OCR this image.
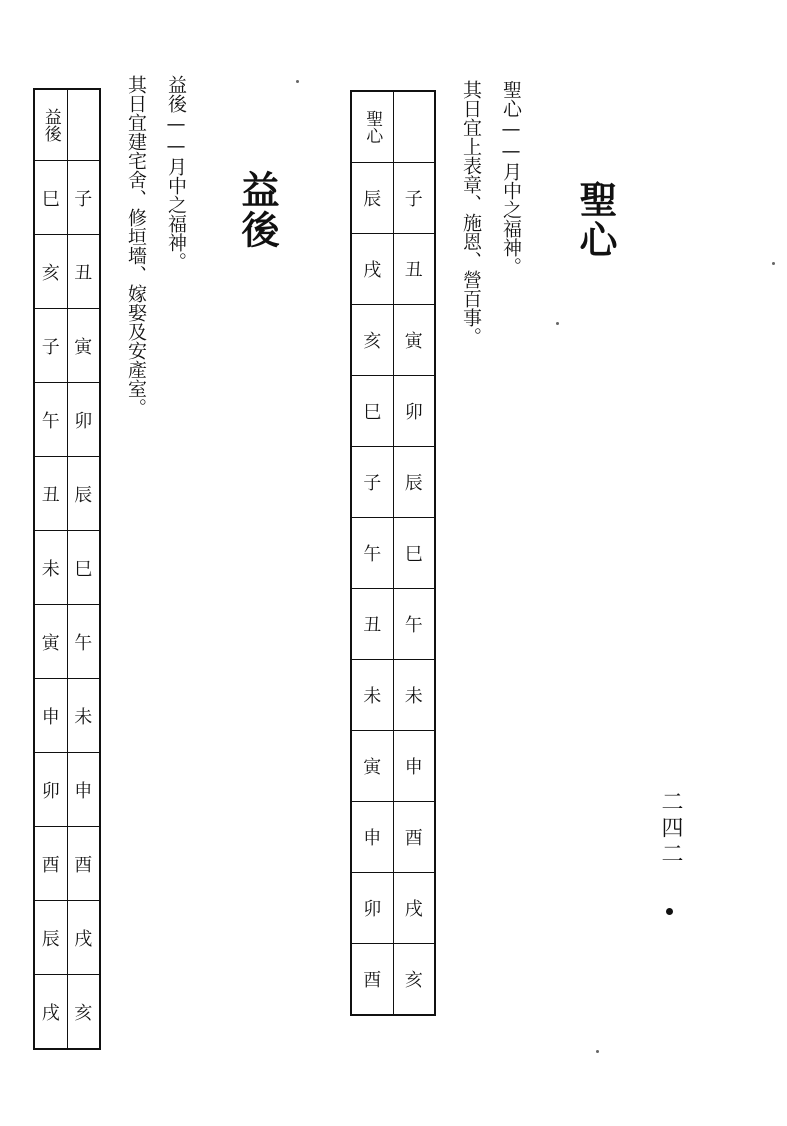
聖心
聖心——月中之福神。
其日宜上表章、施恩、營百事。
聖心	
辰	子
戌	丑
亥	寅
巳	卯
子	辰
午	巳
丑	午
未	未
寅	申
申	酉
卯	戌
酉	亥
益後
益後——月中之福神。
其日宜建宅舍、修垣墻、嫁娶及安產室。
益後	
巳	子
亥	丑
子	寅
午	卯
丑	辰
未	巳
寅	午
申	未
卯	申
酉	酉
辰	戌
戌	亥
二四二
